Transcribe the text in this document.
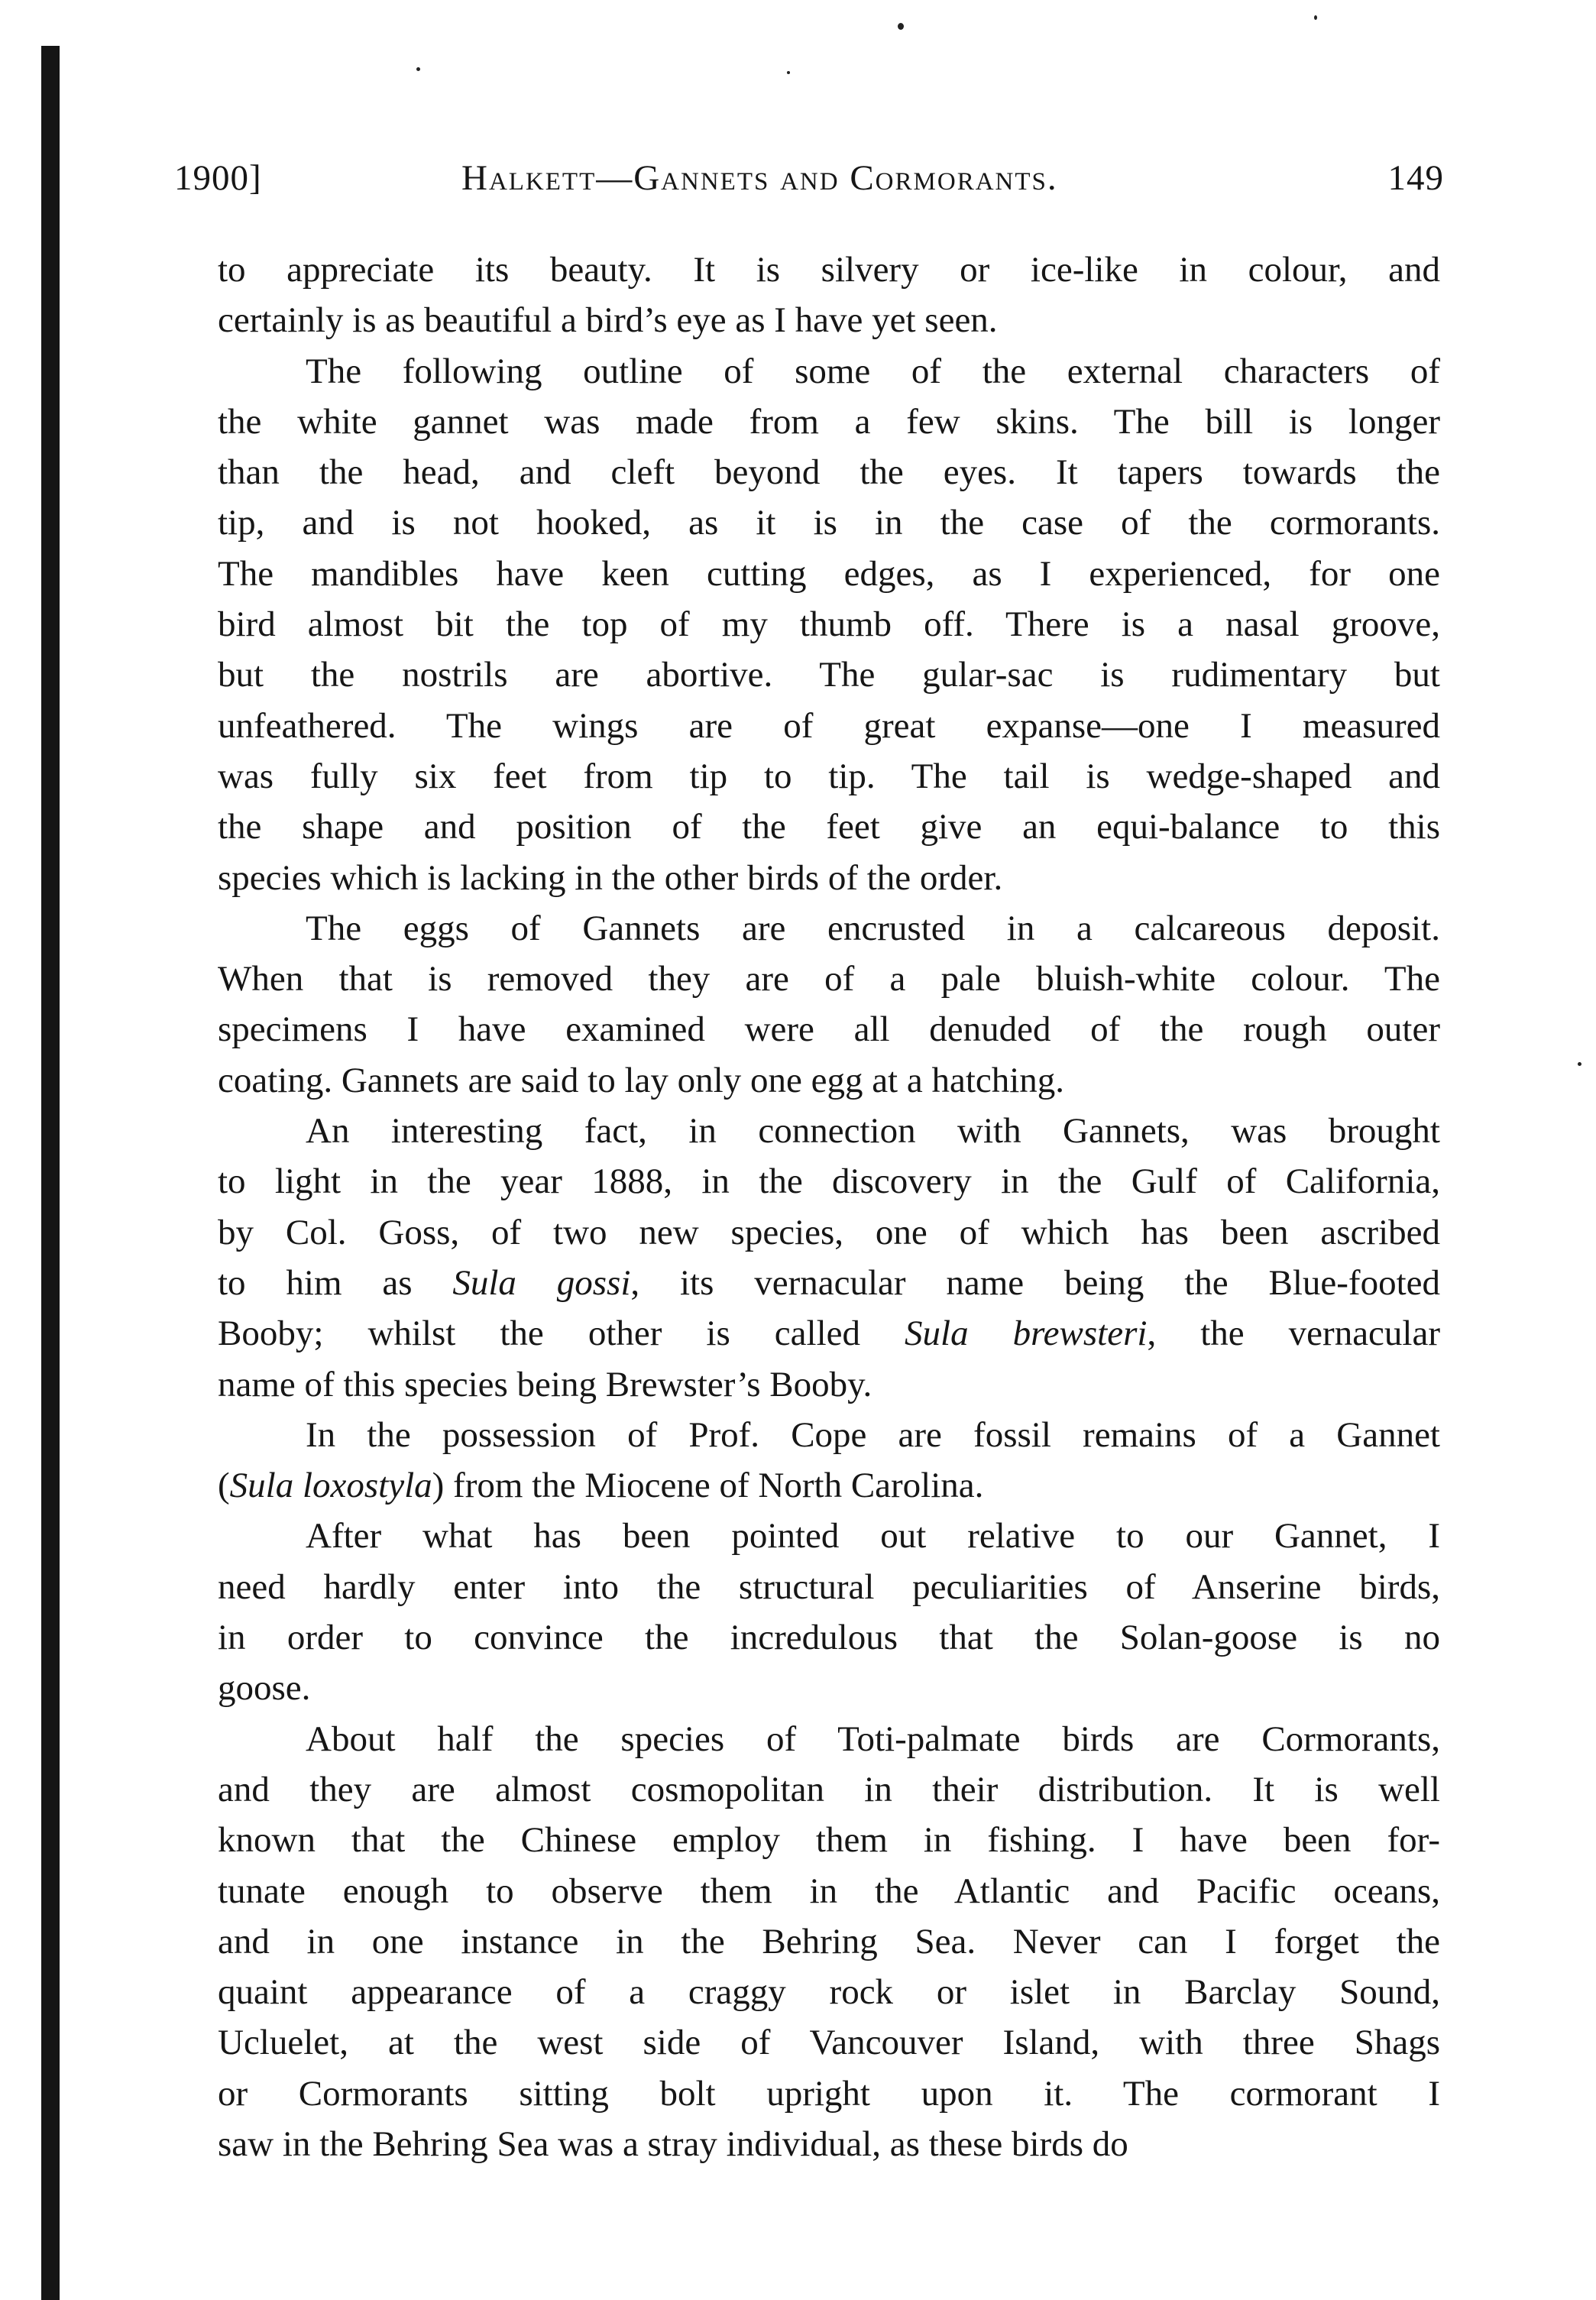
1900]	Halkett—Gannets and Cormorants.	149
to appreciate its beauty. It is silvery or ice-like in colour, and
certainly is as beautiful a bird’s eye as I have yet seen.
The following outline of some of the external characters of
the white gannet was made from a few skins. The bill is longer
than the head, and cleft beyond the eyes. It tapers towards the
tip, and is not hooked, as it is in the case of the cormorants.
The mandibles have keen cutting edges, as I experienced, for one
bird almost bit the top of my thumb off. There is a nasal groove,
but the nostrils are abortive. The gular-sac is rudimentary but
unfeathered. The wings are of great expanse—one I measured
was fully six feet from tip to tip. The tail is wedge-shaped and
the shape and position of the feet give an equi-balance to this
species which is lacking in the other birds of the order.
The eggs of Gannets are encrusted in a calcareous deposit.
When that is removed they are of a pale bluish-white colour. The
specimens I have examined were all denuded of the rough outer
coating. Gannets are said to lay only one egg at a hatching.
An interesting fact, in connection with Gannets, was brought
to light in the year 1888, in the discovery in the Gulf of California,
by Col. Goss, of two new species, one of which has been ascribed
to him as Sula gossi, its vernacular name being the Blue-footed
Booby; whilst the other is called Sula brewsteri, the vernacular
name of this species being Brewster’s Booby.
In the possession of Prof. Cope are fossil remains of a Gannet
(Sula loxostyla) from the Miocene of North Carolina.
After what has been pointed out relative to our Gannet, I
need hardly enter into the structural peculiarities of Anserine birds,
in order to convince the incredulous that the Solan-goose is no
goose.
About half the species of Toti-palmate birds are Cormorants,
and they are almost cosmopolitan in their distribution. It is well
known that the Chinese employ them in fishing. I have been for-
tunate enough to observe them in the Atlantic and Pacific oceans,
and in one instance in the Behring Sea. Never can I forget the
quaint appearance of a craggy rock or islet in Barclay Sound,
Ucluelet, at the west side of Vancouver Island, with three Shags
or Cormorants sitting bolt upright upon it. The cormorant I
saw in the Behring Sea was a stray individual, as these birds do
